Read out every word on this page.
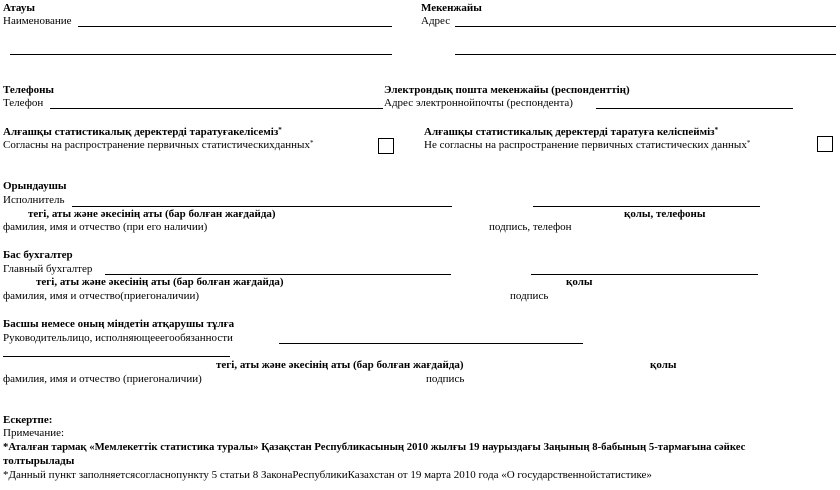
Атауы
Наименование
Мекенжайы
Адрес
Телефоны
Телефон
Электрондық пошта мекенжайы (респонденттің)
Адрес электроннойпочты (респондента)
Алғашқы статистикалық деректерді таратуғакелісеміз*
Согласны на распространение первичных статистическихданных*
Алғашқы статистикалық деректерді таратуға келіспейміз*
Не согласны на распространение первичных статистических данных*
Орындаушы
Исполнитель
тегі, аты және әкесінің аты (бар болған жағдайда)	қолы, телефоны
фамилия, имя и отчество (при его наличии)	подпись, телефон
Бас бухгалтер
Главный бухгалтер
тегі, аты және әкесінің аты (бар болған жағдайда)	қолы
фамилия, имя и отчество(приегоналичии)	подпись
Басшы немесе оның міндетін атқарушы тұлға
Руководительлицо, исполняющееегообязанности
тегі, аты және әкесінің аты (бар болған жағдайда)	қолы
фамилия, имя и отчество (приегоналичии)	подпись
Ескертпе:
Примечание:
*Аталған тармақ «Мемлекеттік статистика туралы» Қазақстан Республикасының 2010 жылғы 19 наурыздағы Заңының 8-бабының 5-тармағына сәйкес
толтырылады
*Данный пункт заполняетсясогласнопункту 5 статьи 8 ЗаконаРеспубликиКазахстан от 19 марта 2010 года «О государственнойстатистике»
